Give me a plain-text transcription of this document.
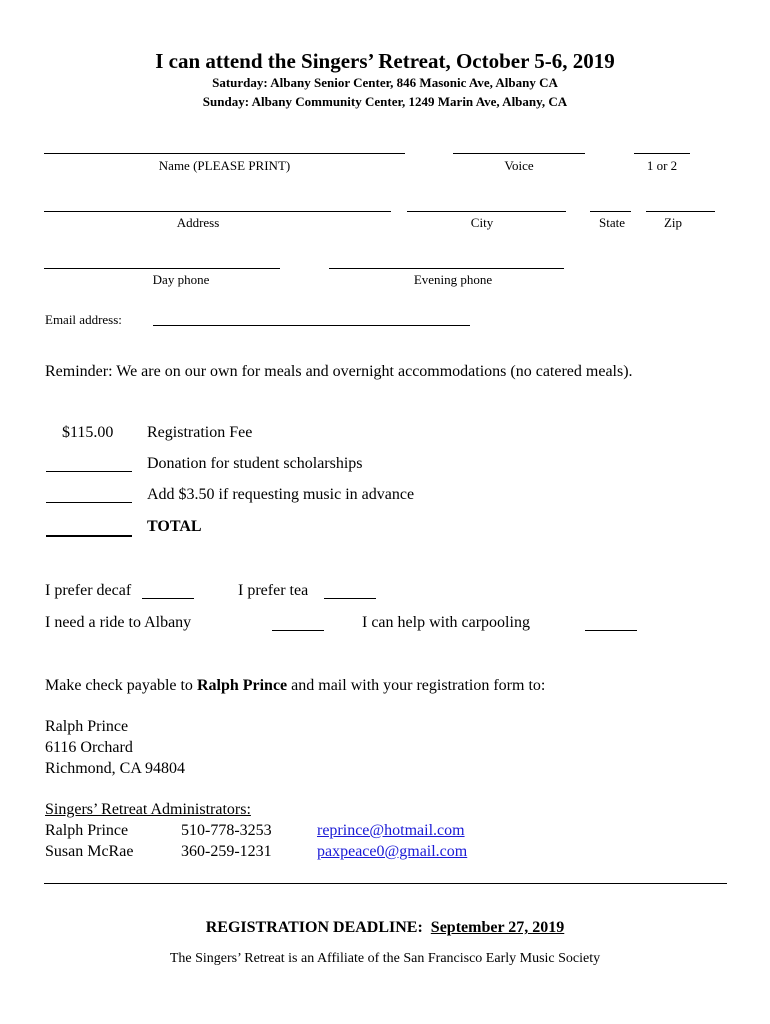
I can attend the Singers’ Retreat, October 5-6, 2019
Saturday: Albany Senior Center, 846 Masonic Ave, Albany CA
Sunday: Albany Community Center, 1249 Marin Ave, Albany, CA
Name (PLEASE PRINT)	Voice	1 or 2
Address	City	State	Zip
Day phone	Evening phone
Email address:
Reminder: We are on our own for meals and overnight accommodations (no catered meals).
$115.00 Registration Fee
Donation for student scholarships
Add $3.50 if requesting music in advance
TOTAL
I prefer decaf	I prefer tea
I need a ride to Albany	I can help with carpooling
Make check payable to Ralph Prince and mail with your registration form to:
Ralph Prince
6116 Orchard
Richmond, CA 94804
Singers’ Retreat Administrators:
Ralph Prince	510-778-3253	reprince@hotmail.com
Susan McRae	360-259-1231	paxpeace0@gmail.com
REGISTRATION DEADLINE: September 27, 2019
The Singers’ Retreat is an Affiliate of the San Francisco Early Music Society
